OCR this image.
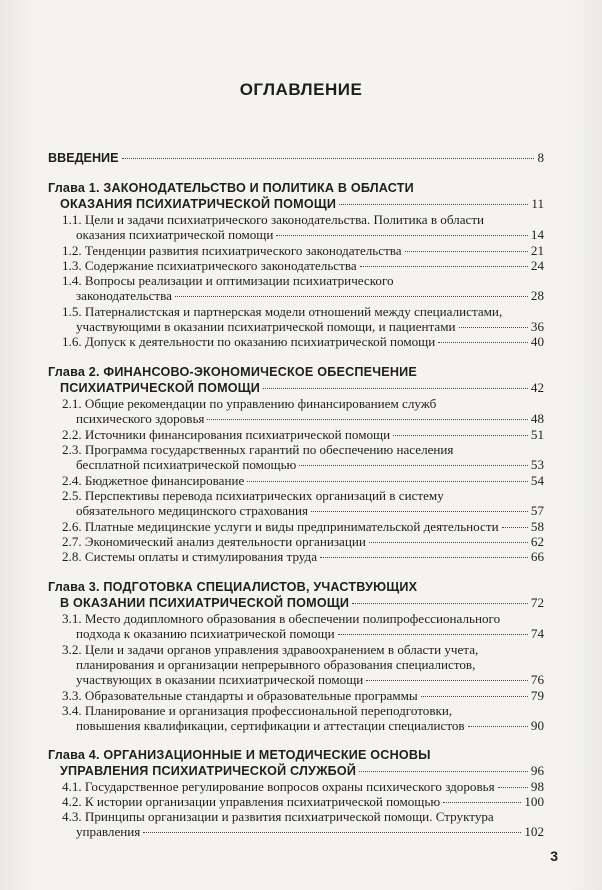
ОГЛАВЛЕНИЕ
ВВЕДЕНИЕ	8
Глава 1. ЗАКОНОДАТЕЛЬСТВО И ПОЛИТИКА В ОБЛАСТИ
ОКАЗАНИЯ ПСИХИАТРИЧЕСКОЙ ПОМОЩИ	11
1.1. Цели и задачи психиатрического законодательства. Политика в области
оказания психиатрической помощи	14
1.2. Тенденции развития психиатрического законодательства	21
1.3. Содержание психиатрического законодательства	24
1.4. Вопросы реализации и оптимизации психиатрического
законодательства	28
1.5. Патерналистская и партнерская модели отношений между специалистами,
участвующими в оказании психиатрической помощи, и пациентами	36
1.6. Допуск к деятельности по оказанию психиатрической помощи	40
Глава 2. ФИНАНСОВО-ЭКОНОМИЧЕСКОЕ ОБЕСПЕЧЕНИЕ
ПСИХИАТРИЧЕСКОЙ ПОМОЩИ	42
2.1. Общие рекомендации по управлению финансированием служб
психического здоровья	48
2.2. Источники финансирования психиатрической помощи	51
2.3. Программа государственных гарантий по обеспечению населения
бесплатной психиатрической помощью	53
2.4. Бюджетное финансирование	54
2.5. Перспективы перевода психиатрических организаций в систему
обязательного медицинского страхования	57
2.6. Платные медицинские услуги и виды предпринимательской деятельности 58
2.7. Экономический анализ деятельности организации	62
2.8. Системы оплаты и стимулирования труда	66
Глава 3. ПОДГОТОВКА СПЕЦИАЛИСТОВ, УЧАСТВУЮЩИХ
В ОКАЗАНИИ ПСИХИАТРИЧЕСКОЙ ПОМОЩИ	72
3.1. Место додипломного образования в обеспечении полипрофессионального
подхода к оказанию психиатрической помощи	74
3.2. Цели и задачи органов управления здравоохранением в области учета,
планирования и организации непрерывного образования специалистов,
участвующих в оказании психиатрической помощи	76
3.3. Образовательные стандарты и образовательные программы	79
3.4. Планирование и организация профессиональной переподготовки,
повышения квалификации, сертификации и аттестации специалистов	90
Глава 4. ОРГАНИЗАЦИОННЫЕ И МЕТОДИЧЕСКИЕ ОСНОВЫ
УПРАВЛЕНИЯ ПСИХИАТРИЧЕСКОЙ СЛУЖБОЙ	96
4.1. Государственное регулирование вопросов охраны психического здоровья	98
4.2. К истории организации управления психиатрической помощью	100
4.3. Принципы организации и развития психиатрической помощи. Структура
управления	102
3
